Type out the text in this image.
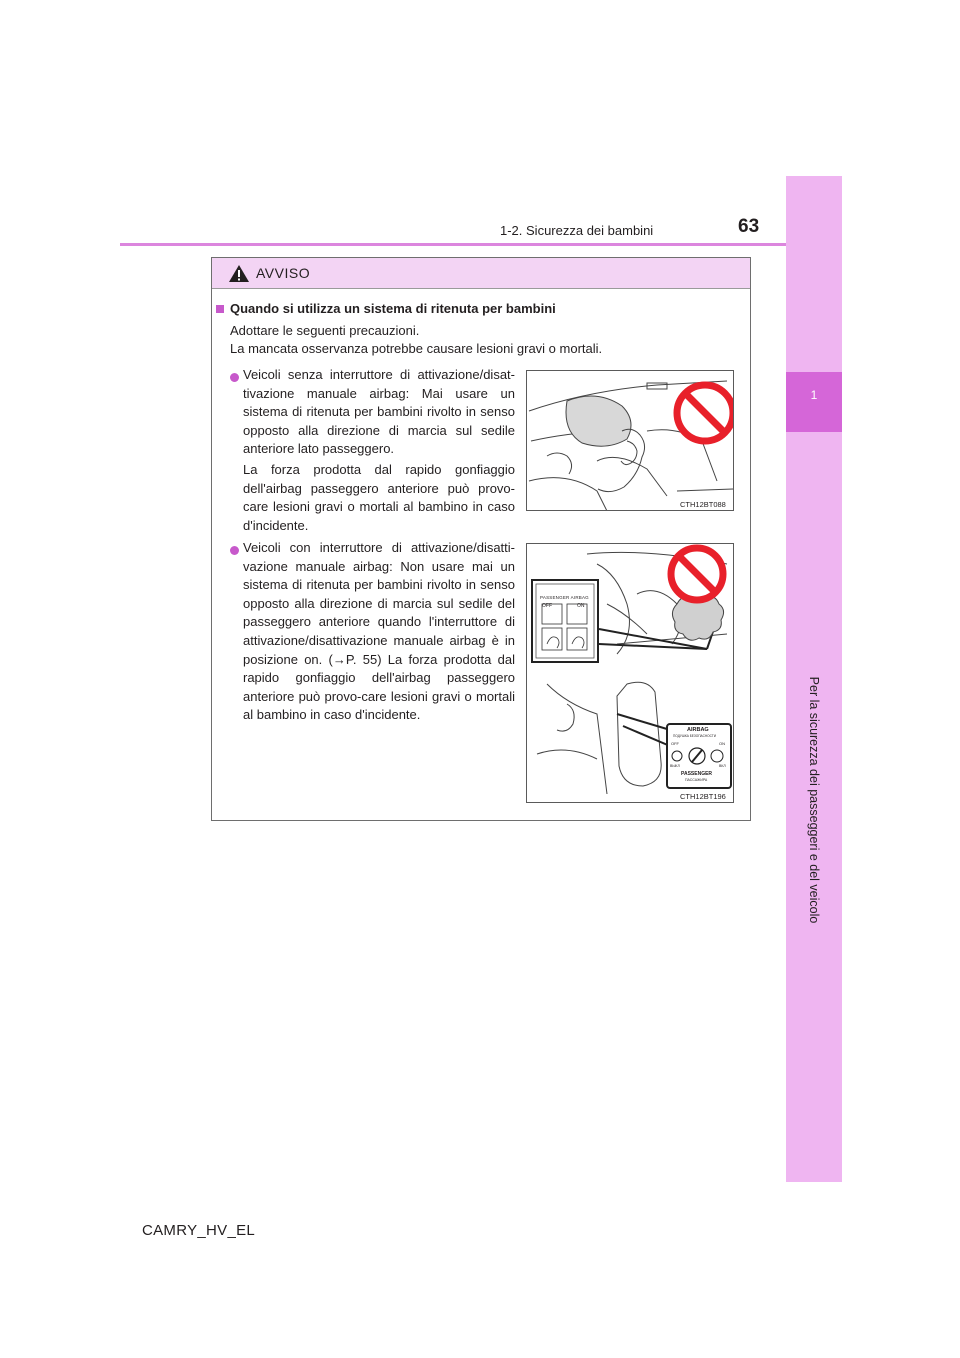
1
Per la sicurezza dei passeggeri e del veicolo
1-2. Sicurezza dei bambini	63
AVVISO
Quando si utilizza un sistema di ritenuta per bambini
Adottare le seguenti precauzioni.
La mancata osservanza potrebbe causare lesioni gravi o mortali.
Veicoli senza interruttore di attivazione/disat-tivazione manuale airbag: Mai usare un sistema di ritenuta per bambini rivolto in senso opposto alla direzione di marcia sul sedile anteriore lato passeggero.
La forza prodotta dal rapido gonfiaggio dell'airbag passeggero anteriore può provo-care lesioni gravi o mortali al bambino in caso d'incidente.
CTH12BT088
Veicoli con interruttore di attivazione/disatti-vazione manuale airbag: Non usare mai un sistema di ritenuta per bambini rivolto in senso opposto alla direzione di marcia sul sedile del passeggero anteriore quando l'interruttore di attivazione/disattivazione manuale airbag è in posizione on. (→P. 55) La forza prodotta dal rapido gonfiaggio dell'airbag passeggero anteriore può provo-care lesioni gravi o mortali al bambino in caso d'incidente.
PASSENGER AIRBAG
OFF	ON
AIRBAG
ПОДУШКА БЕЗОПАСНОСТИ
OFF	ON
ВЫКЛ	ВКЛ
PASSENGER
ПАССАЖИРА
CTH12BT196
CAMRY_HV_EL
